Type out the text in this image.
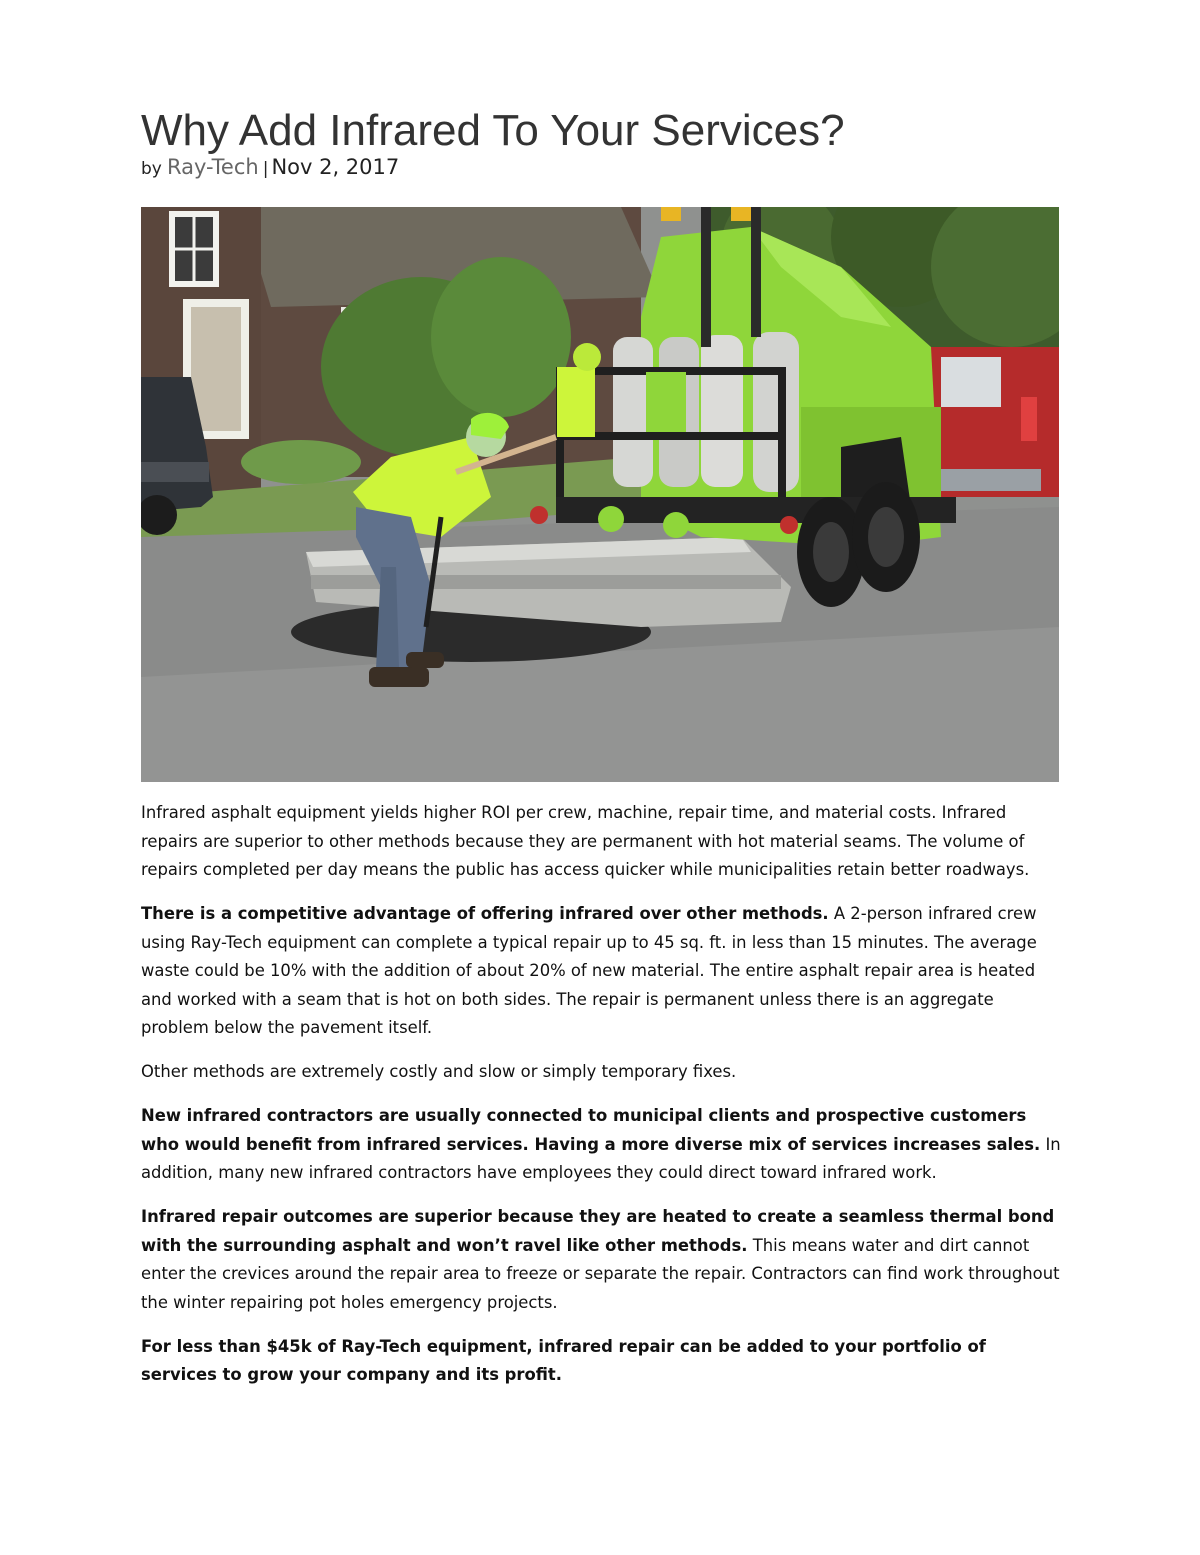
Why Add Infrared To Your Services?
by Ray-Tech | Nov 2, 2017

Infrared asphalt equipment yields higher ROI per crew, machine, repair time, and material costs. Infrared repairs are superior to other methods because they are permanent with hot material seams. The volume of repairs completed per day means the public has access quicker while municipalities retain better roadways.

There is a competitive advantage of offering infrared over other methods. A 2-person infrared crew using Ray-Tech equipment can complete a typical repair up to 45 sq. ft. in less than 15 minutes. The average waste could be 10% with the addition of about 20% of new material. The entire asphalt repair area is heated and worked with a seam that is hot on both sides. The repair is permanent unless there is an aggregate problem below the pavement itself.

Other methods are extremely costly and slow or simply temporary fixes.

New infrared contractors are usually connected to municipal clients and prospective customers who would benefit from infrared services. Having a more diverse mix of services increases sales. In addition, many new infrared contractors have employees they could direct toward infrared work.

Infrared repair outcomes are superior because they are heated to create a seamless thermal bond with the surrounding asphalt and won’t ravel like other methods. This means water and dirt cannot enter the crevices around the repair area to freeze or separate the repair. Contractors can find work throughout the winter repairing pot holes emergency projects.

For less than $45k of Ray-Tech equipment, infrared repair can be added to your portfolio of services to grow your company and its profit.
